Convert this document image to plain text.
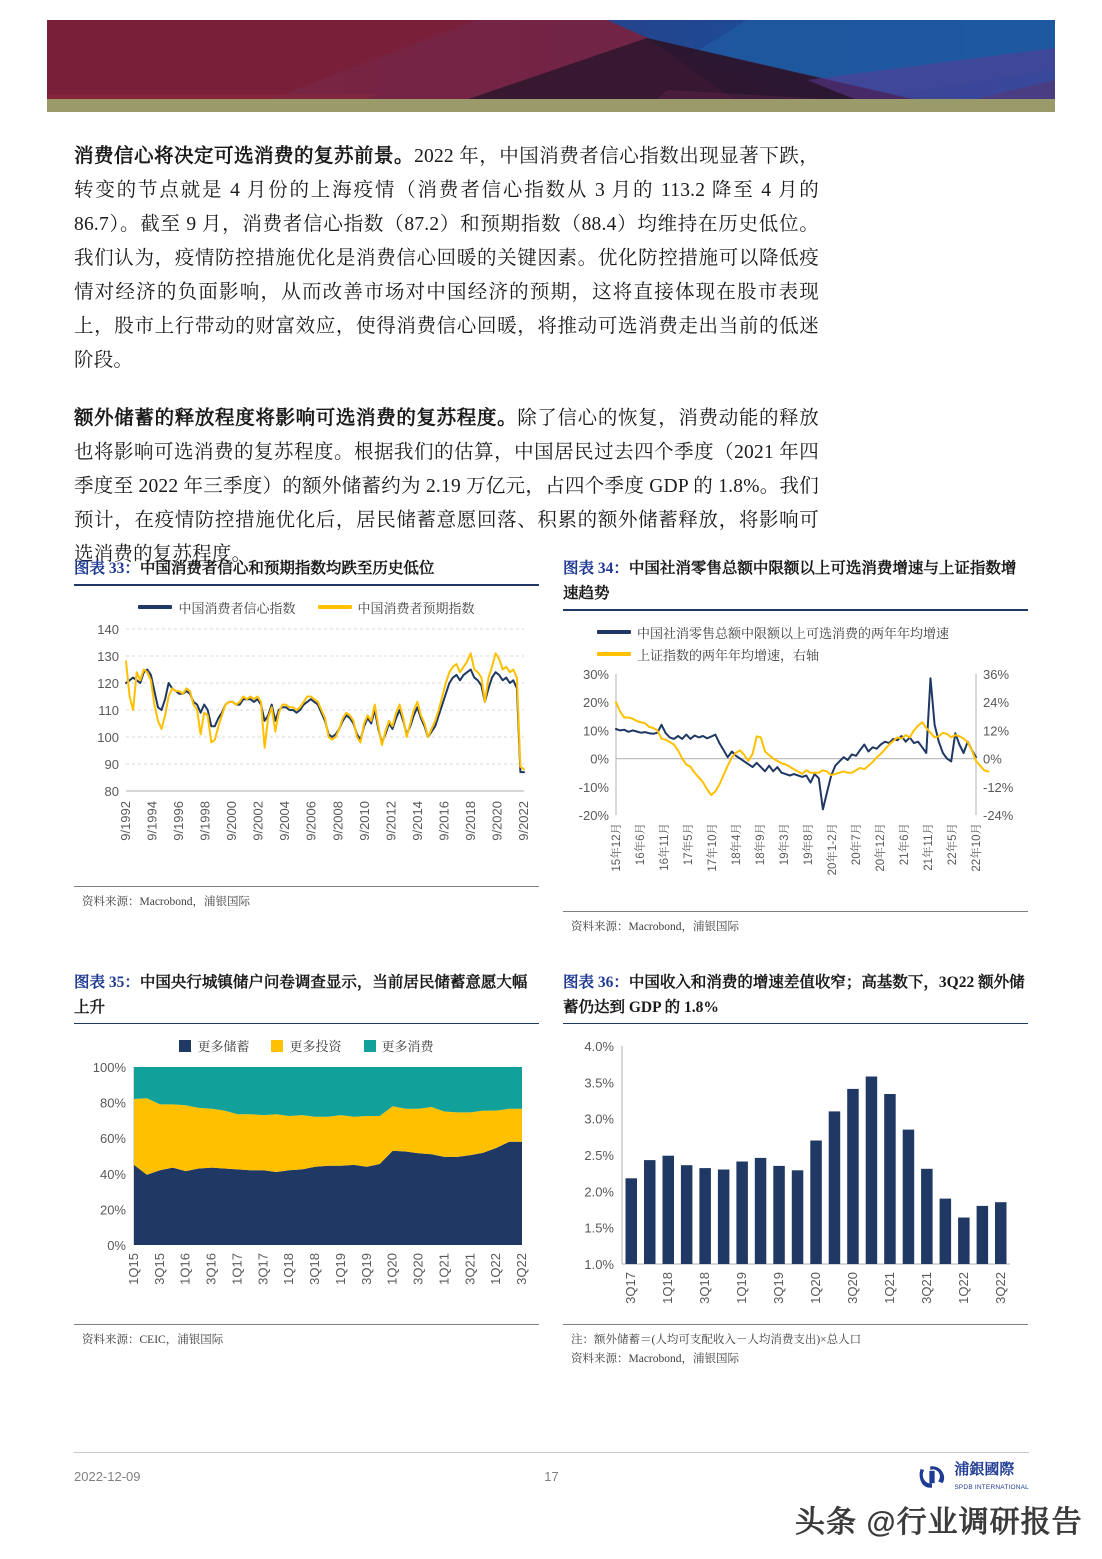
消费信心将决定可选消费的复苏前景。2022 年，中国消费者信心指数出现显著下跌，转变的节点就是 4 月份的上海疫情（消费者信心指数从 3 月的 113.2 降至 4 月的 86.7）。截至 9 月，消费者信心指数（87.2）和预期指数（88.4）均维持在历史低位。我们认为，疫情防控措施优化是消费信心回暖的关键因素。优化防控措施可以降低疫情对经济的负面影响，从而改善市场对中国经济的预期，这将直接体现在股市表现上，股市上行带动的财富效应，使得消费信心回暖，将推动可选消费走出当前的低迷阶段。

额外储蓄的释放程度将影响可选消费的复苏程度。除了信心的恢复，消费动能的释放也将影响可选消费的复苏程度。根据我们的估算，中国居民过去四个季度（2021 年四季度至 2022 年三季度）的额外储蓄约为 2.19 万亿元，占四个季度 GDP 的 1.8%。我们预计，在疫情防控措施优化后，居民储蓄意愿回落、积累的额外储蓄释放，将影响可选消费的复苏程度。

图表 33：中国消费者信心和预期指数均跌至历史低位
中国消费者信心指数	中国消费者预期指数
80
90
100
110
120
130
140
9/1992 9/1994 9/1996 9/1998 9/2000 9/2002 9/2004 9/2006 9/2008 9/2010 9/2012 9/2014 9/2016 9/2018 9/2020 9/2022
资料来源：Macrobond，浦银国际
图表 34：中国社消零售总额中限额以上可选消费增速与上证指数增速趋势
中国社消零售总额中限额以上可选消费的两年年均增速
上证指数的两年年均增速，右轴
-20%
-10%
0%
10%
20%
30%
-24%
-12%
0%
12%
24%
36%
15年12月 16年6月 16年11月 17年5月 17年10月 18年4月 18年9月 19年3月 19年8月 20年1-2月 20年7月 20年12月 21年6月 21年11月 22年5月 22年10月
资料来源：Macrobond，浦银国际
图表 35：中国央行城镇储户问卷调查显示，当前居民储蓄意愿大幅上升
更多储蓄	更多投资	更多消费
0%
20%
40%
60%
80%
100%
1Q15 3Q15 1Q16 3Q16 1Q17 3Q17 1Q18 3Q18 1Q19 3Q19 1Q20 3Q20 1Q21 3Q21 1Q22 3Q22
资料来源：CEIC，浦银国际
图表 36：中国收入和消费的增速差值收窄；高基数下，3Q22 额外储蓄仍达到 GDP 的 1.8%
1.0%
1.5%
2.0%
2.5%
3.0%
3.5%
4.0%
3Q17 1Q18 3Q18 1Q19 3Q19 1Q20 3Q20 1Q21 3Q21 1Q22 3Q22
注：额外储蓄＝(人均可支配收入－人均消费支出)×总人口
资料来源：Macrobond，浦银国际
2022-12-09	17	浦銀國際
SPDB INTERNATIONAL
头条 @行业调研报告
